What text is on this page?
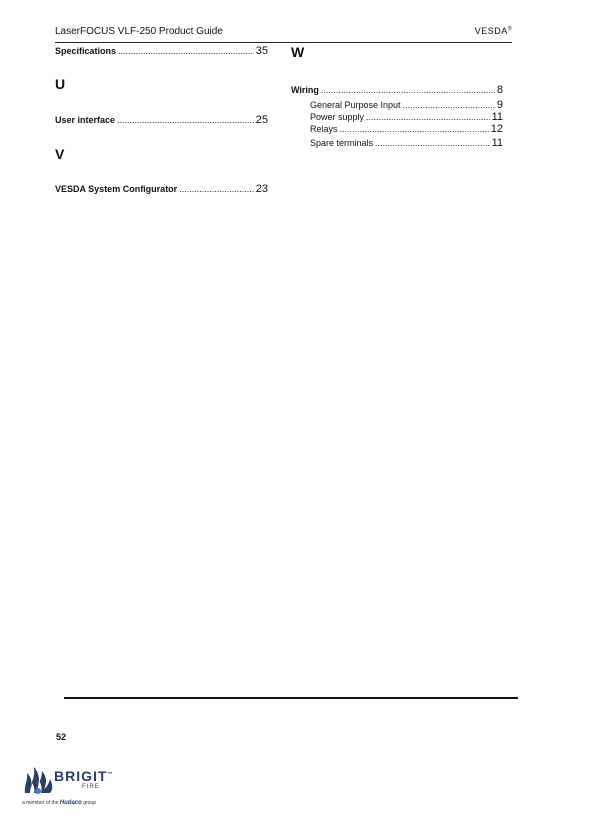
LaserFOCUS VLF-250 Product Guide	VESDA®
Specifications .....	35
U
User interface .....	25
V
VESDA System Configurator .....	23
W
Wiring .....	8
General Purpose Input .....	9
Power supply .....	11
Relays .....	12
Spare terminals .....	11
52
BRIGIT™
FIRE
a member of the Hudaco group
